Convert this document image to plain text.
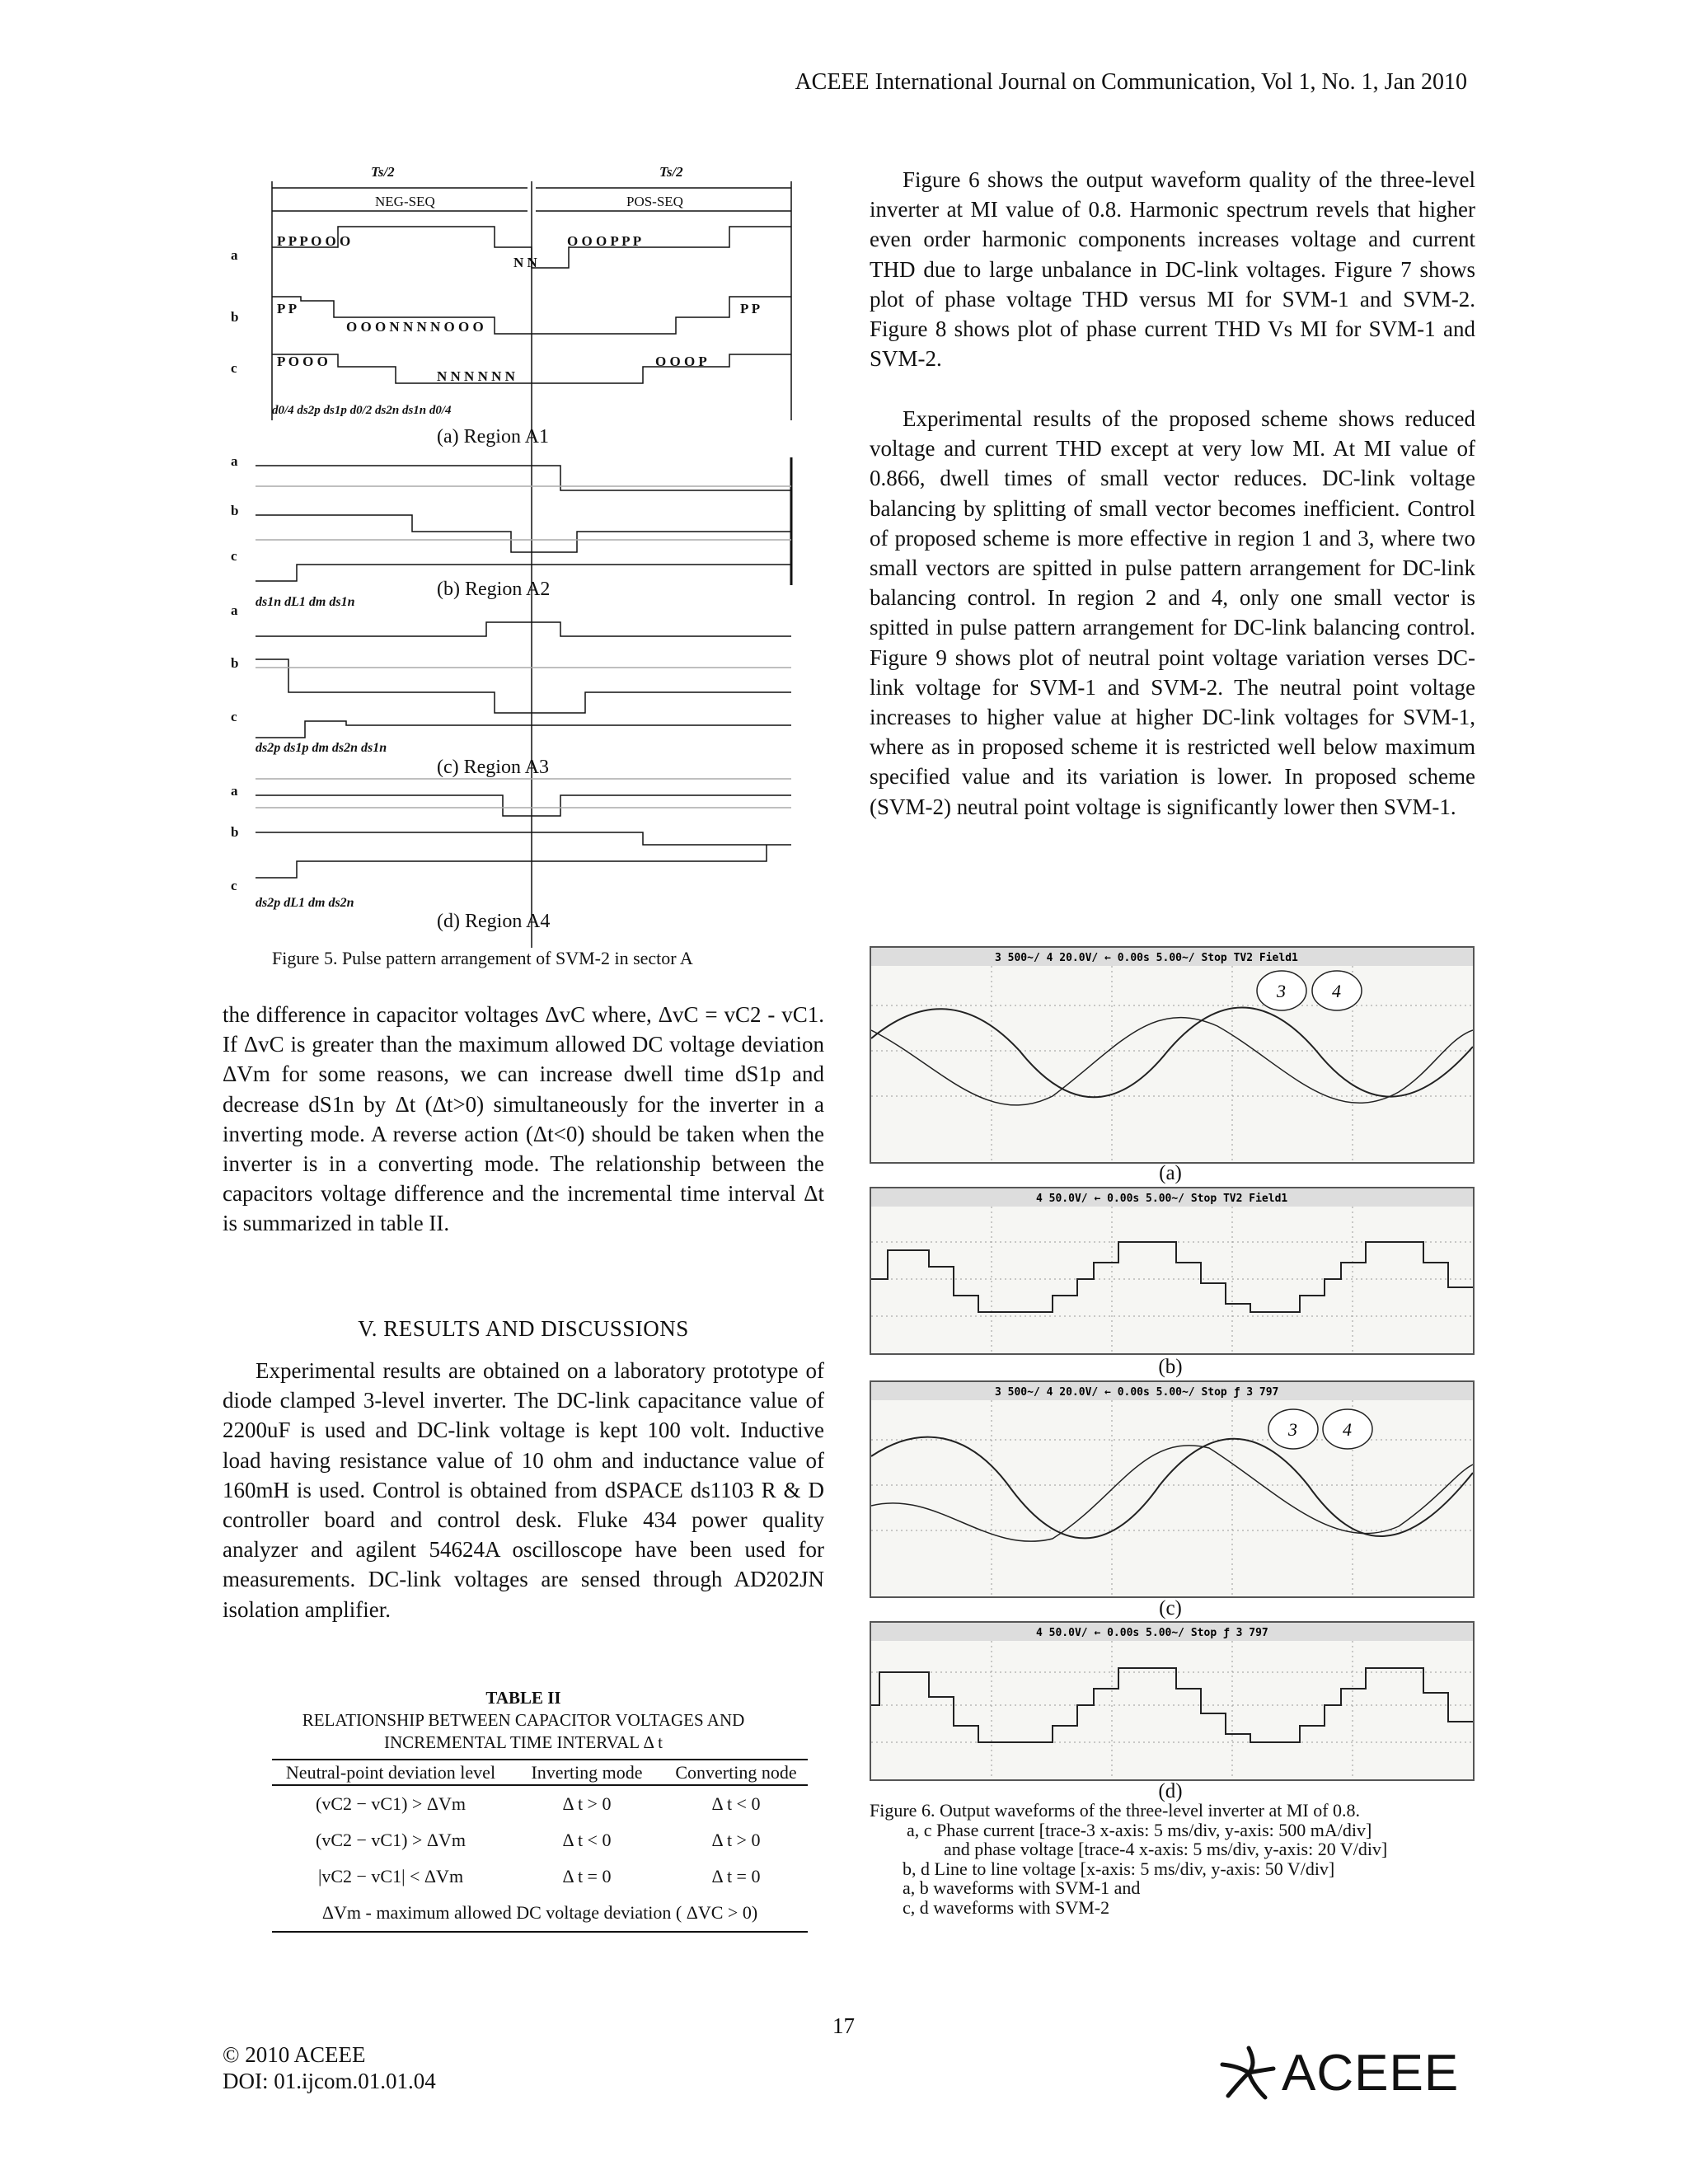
ACEEE International Journal on Communication, Vol 1, No. 1, Jan 2010
Ts/2	Ts/2
NEG-SEQ	POS-SEQ
a
b
c
P P P O O O
N N
O O O P P P
P P
O O O N N N N O O O
P P
P O O O
N N N N N N
O O O P
d0/4 ds2p ds1p d0/2 ds2n ds1n d0/4
a
b
c
ds1n dL1 dm ds1n
a
b
c
ds2p ds1p dm ds2n ds1n
a
b
c
ds2p dL1 dm ds2n
(a) Region A1
(b) Region A2
(c) Region A3
(d) Region A4
Figure 5. Pulse pattern arrangement of SVM-2 in sector A

the difference in capacitor voltages ΔvC where, ΔvC = vC2 - vC1. If ΔvC is greater than the maximum allowed DC voltage deviation ΔVm for some reasons, we can increase dwell time dS1p and decrease dS1n by Δt (Δt>0) simultaneously for the inverter in a inverting mode. A reverse action (Δt<0) should be taken when the inverter is in a converting mode. The relationship between the capacitors voltage difference and the incremental time interval Δt is summarized in table II.

V. RESULTS AND DISCUSSIONS

Experimental results are obtained on a laboratory prototype of diode clamped 3-level inverter. The DC-link capacitance value of 2200uF is used and DC-link voltage is kept 100 volt. Inductive load having resistance value of 10 ohm and inductance value of 160mH is used. Control is obtained from dSPACE ds1103 R & D controller board and control desk. Fluke 434 power quality analyzer and agilent 54624A oscilloscope have been used for measurements. DC-link voltages are sensed through AD202JN isolation amplifier.

TABLE II
RELATIONSHIP BETWEEN CAPACITOR VOLTAGES AND
INCREMENTAL TIME INTERVAL Δ t
Neutral-point deviation level	Inverting mode	Converting node
(vC2 − vC1) > ΔVm	Δ t > 0	Δ t < 0
(vC2 − vC1) > ΔVm	Δ t < 0	Δ t > 0
|vC2 − vC1| < ΔVm	Δ t = 0	Δ t = 0
ΔVm - maximum allowed DC voltage deviation ( ΔVC > 0)		

Figure 6 shows the output waveform quality of the three-level inverter at MI value of 0.8. Harmonic spectrum revels that higher even order harmonic components increases voltage and current THD due to large unbalance in DC-link voltages. Figure 7 shows plot of phase voltage THD versus MI for SVM-1 and SVM-2. Figure 8 shows plot of phase current THD Vs MI for SVM-1 and SVM-2.

Experimental results of the proposed scheme shows reduced voltage and current THD except at very low MI. At MI value of 0.866, dwell times of small vector reduces. DC-link voltage balancing by splitting of small vector becomes inefficient. Control of proposed scheme is more effective in region 1 and 3, where two small vectors are spitted in pulse pattern arrangement for DC-link balancing control. In region 2 and 4, only one small vector is spitted in pulse pattern arrangement for DC-link balancing control. Figure 9 shows plot of neutral point voltage variation verses DC-link voltage for SVM-1 and SVM-2. The neutral point voltage increases to higher value at higher DC-link voltages for SVM-1, where as in proposed scheme it is restricted well below maximum specified value and its variation is lower. In proposed scheme (SVM-2) neutral point voltage is significantly lower then SVM-1.

3 500~/ 4 20.0V/ ← 0.00s 5.00~/ Stop TV2 Field1
3	4
(a)
4 50.0V/ ← 0.00s 5.00~/ Stop TV2 Field1
(b)
3 500~/ 4 20.0V/ ← 0.00s 5.00~/ Stop ƒ 3 797
3	4
(c)
4 50.0V/ ← 0.00s 5.00~/ Stop ƒ 3 797
(d)
Figure 6. Output waveforms of the three-level inverter at MI of 0.8.
a, c Phase current [trace-3 x-axis: 5 ms/div, y-axis: 500 mA/div]
and phase voltage [trace-4 x-axis: 5 ms/div, y-axis: 20 V/div]
b, d Line to line voltage [x-axis: 5 ms/div, y-axis: 50 V/div]
a, b waveforms with SVM-1 and
c, d waveforms with SVM-2
17
© 2010 ACEEE
DOI: 01.ijcom.01.01.04	ACEEE
